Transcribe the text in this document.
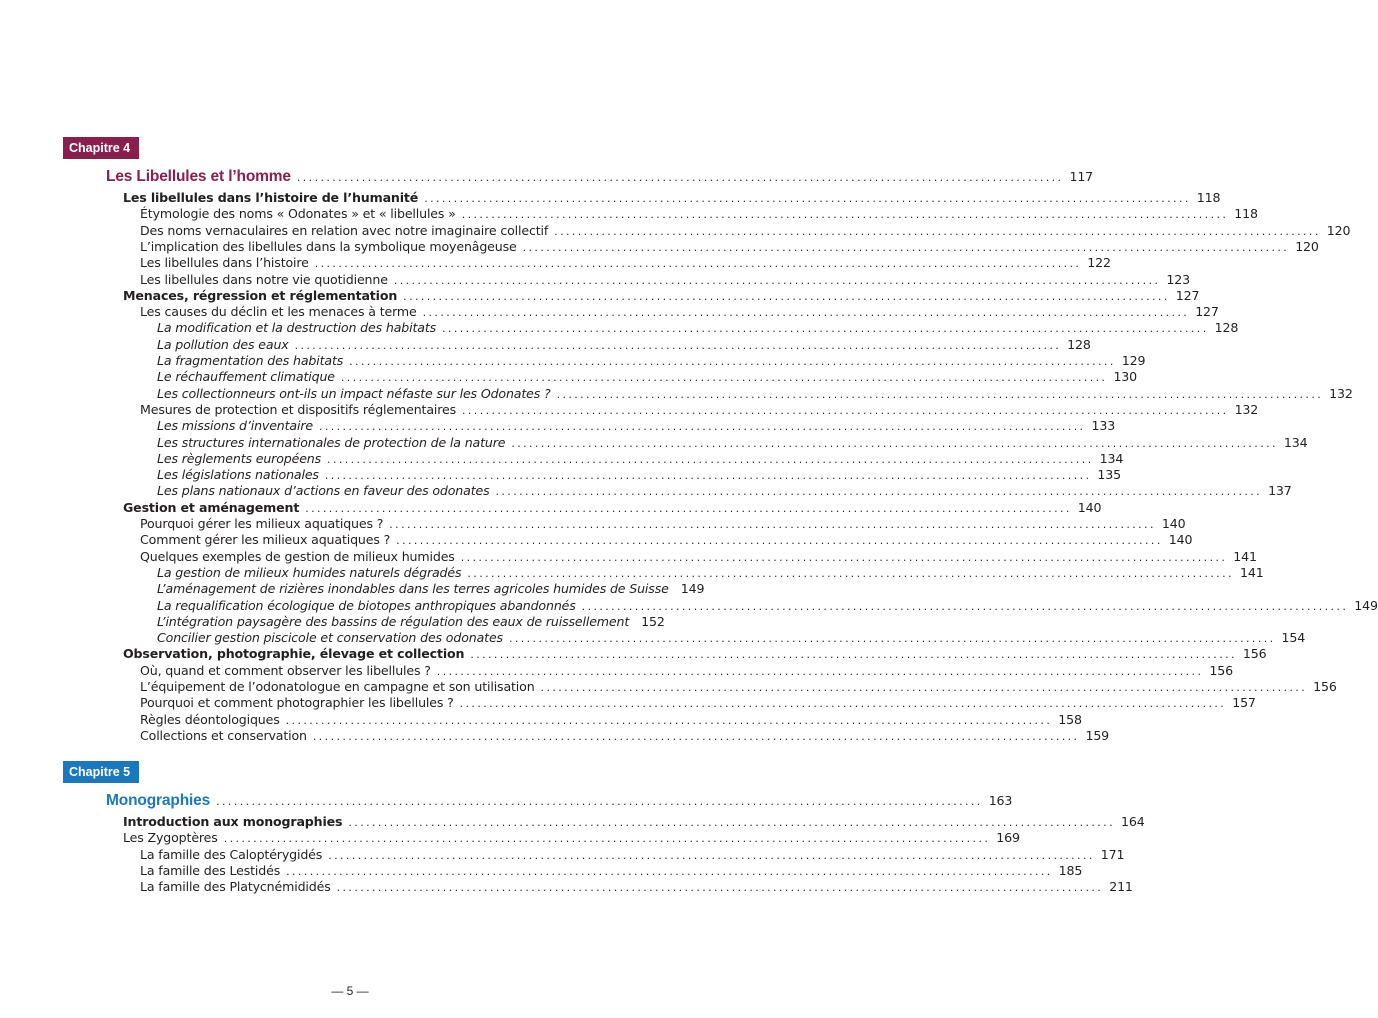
Chapitre 4
Les Libellules et l’homme .................................................................................................................................. 117
Les libellules dans l’histoire de l’humanité .................................................................................................................................. 118
Étymologie des noms « Odonates » et « libellules » .................................................................................................................................. 118
Des noms vernaculaires en relation avec notre imaginaire collectif .................................................................................................................................. 120
L’implication des libellules dans la symbolique moyenâgeuse .................................................................................................................................. 120
Les libellules dans l’histoire .................................................................................................................................. 122
Les libellules dans notre vie quotidienne .................................................................................................................................. 123
Menaces, régression et réglementation .................................................................................................................................. 127
Les causes du déclin et les menaces à terme .................................................................................................................................. 127
La modification et la destruction des habitats .................................................................................................................................. 128
La pollution des eaux .................................................................................................................................. 128
La fragmentation des habitats .................................................................................................................................. 129
Le réchauffement climatique .................................................................................................................................. 130
Les collectionneurs ont-ils un impact néfaste sur les Odonates ? .................................................................................................................................. 132
Mesures de protection et dispositifs réglementaires .................................................................................................................................. 132
Les missions d’inventaire .................................................................................................................................. 133
Les structures internationales de protection de la nature .................................................................................................................................. 134
Les règlements européens .................................................................................................................................. 134
Les législations nationales .................................................................................................................................. 135
Les plans nationaux d’actions en faveur des odonates .................................................................................................................................. 137
Gestion et aménagement .................................................................................................................................. 140
Pourquoi gérer les milieux aquatiques ? .................................................................................................................................. 140
Comment gérer les milieux aquatiques ? .................................................................................................................................. 140
Quelques exemples de gestion de milieux humides .................................................................................................................................. 141
La gestion de milieux humides naturels dégradés .................................................................................................................................. 141
L’aménagement de rizières inondables dans les terres agricoles humides de Suisse 149
La requalification écologique de biotopes anthropiques abandonnés .................................................................................................................................. 149
L’intégration paysagère des bassins de régulation des eaux de ruissellement 152
Concilier gestion piscicole et conservation des odonates .................................................................................................................................. 154
Observation, photographie, élevage et collection .................................................................................................................................. 156
Où, quand et comment observer les libellules ? .................................................................................................................................. 156
L’équipement de l’odonatologue en campagne et son utilisation .................................................................................................................................. 156
Pourquoi et comment photographier les libellules ? .................................................................................................................................. 157
Règles déontologiques .................................................................................................................................. 158
Collections et conservation .................................................................................................................................. 159
Chapitre 5
Monographies .................................................................................................................................. 163
Introduction aux monographies .................................................................................................................................. 164
Les Zygoptères .................................................................................................................................. 169
La famille des Caloptérygidés .................................................................................................................................. 171
La famille des Lestidés .................................................................................................................................. 185
La famille des Platycnémididés .................................................................................................................................. 211
— 5 —
